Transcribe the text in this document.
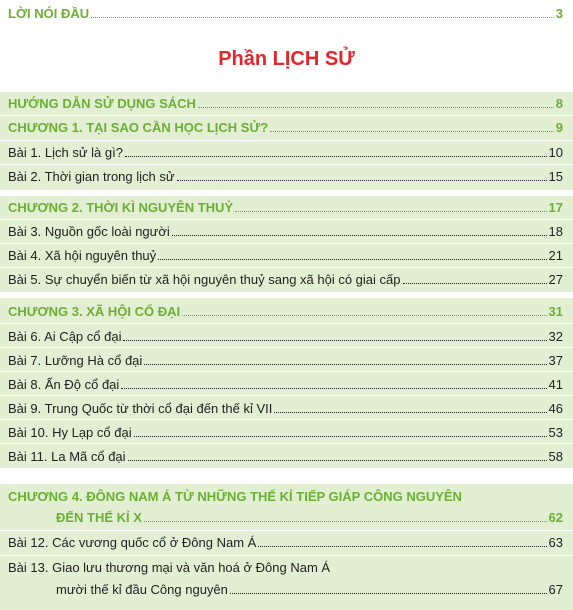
LỜI NÓI ĐẦU	3
Phần LỊCH SỬ
HƯỚNG DẪN SỬ DỤNG SÁCH	8
CHƯƠNG 1. TẠI SAO CẦN HỌC LỊCH SỬ?	9
Bài 1. Lịch sử là gì?	10
Bài 2. Thời gian trong lịch sử	15
CHƯƠNG 2. THỜI KÌ NGUYÊN THUỶ	17
Bài 3. Nguồn gốc loài người	18
Bài 4. Xã hội nguyên thuỷ	21
Bài 5. Sự chuyển biến từ xã hội nguyên thuỷ sang xã hội có giai cấp	27
CHƯƠNG 3. XÃ HỘI CỔ ĐẠI	31
Bài 6. Ai Cập cổ đại	32
Bài 7. Lưỡng Hà cổ đại	37
Bài 8. Ấn Độ cổ đại	41
Bài 9. Trung Quốc từ thời cổ đại đến thế kỉ VII	46
Bài 10. Hy Lạp cổ đại	53
Bài 11. La Mã cổ đại	58
CHƯƠNG 4. ĐÔNG NAM Á TỪ NHỮNG THẾ KỈ TIẾP GIÁP CÔNG NGUYÊN
ĐẾN THẾ KỈ X	62
Bài 12. Các vương quốc cổ ở Đông Nam Á	63
Bài 13. Giao lưu thương mại và văn hoá ở Đông Nam Á
mười thế kỉ đầu Công nguyên	67
